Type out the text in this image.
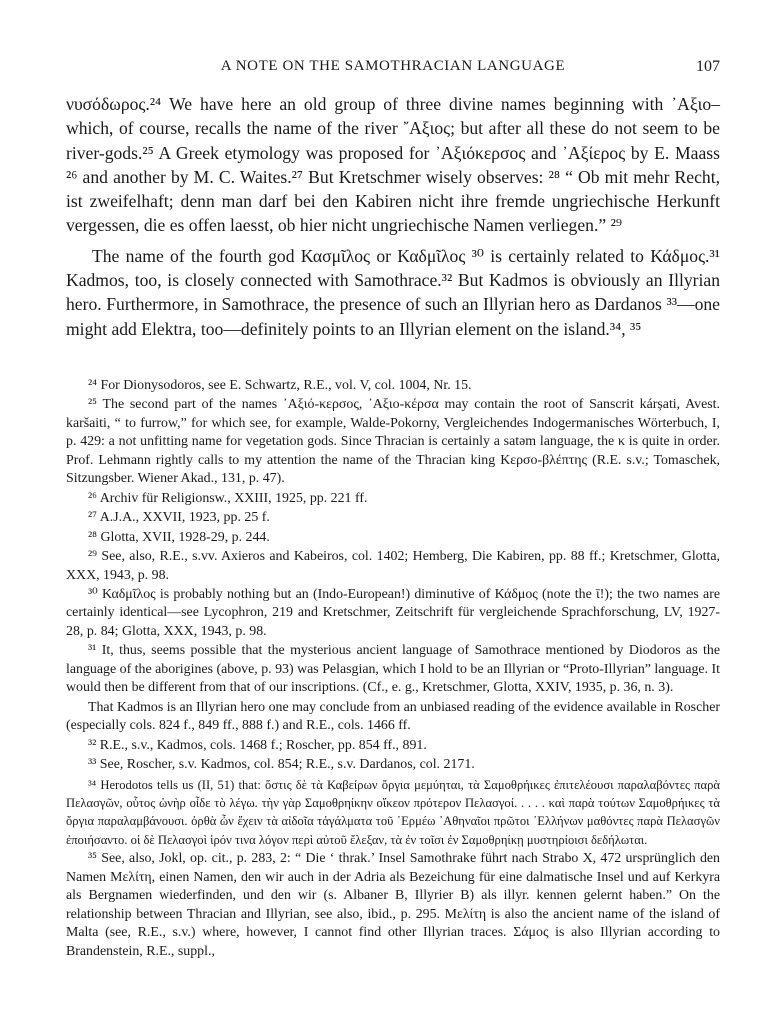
A NOTE ON THE SAMOTHRACIAN LANGUAGE	107

νυσόδωρος.²⁴ We have here an old group of three divine names beginning with ᾽Αξιο– which, of course, recalls the name of the river ῎Αξιος; but after all these do not seem to be river-gods.²⁵ A Greek etymology was proposed for ᾽Αξιόκερσος and ᾽Αξίερος by E. Maass ²⁶ and another by M. C. Waites.²⁷ But Kretschmer wisely observes: ²⁸ “ Ob mit mehr Recht, ist zweifelhaft; denn man darf bei den Kabiren nicht ihre fremde ungriechische Herkunft vergessen, die es offen laesst, ob hier nicht ungriechische Namen verliegen.” ²⁹

The name of the fourth god Κασμῖλος or Καδμῖλος ³⁰ is certainly related to Κάδμος.³¹ Kadmos, too, is closely connected with Samothrace.³² But Kadmos is obviously an Illyrian hero. Furthermore, in Samothrace, the presence of such an Illyrian hero as Dardanos ³³—one might add Elektra, too—definitely points to an Illyrian element on the island.³⁴, ³⁵

²⁴ For Dionysodoros, see E. Schwartz, R.E., vol. V, col. 1004, Nr. 15.

²⁵ The second part of the names ᾽Αξιό-κερσος, ᾽Αξιο-κέρσα may contain the root of Sanscrit kárșati, Avest. karšaiti, “ to furrow,” for which see, for example, Walde-Pokorny, Vergleichendes Indogermanisches Wörterbuch, I, p. 429: a not unfitting name for vegetation gods. Since Thracian is certainly a satəm language, the κ is quite in order. Prof. Lehmann rightly calls to my attention the name of the Thracian king Κερσο-βλέπτης (R.E. s.v.; Tomaschek, Sitzungsber. Wiener Akad., 131, p. 47).

²⁶ Archiv für Religionsw., XXIII, 1925, pp. 221 ff.

²⁷ A.J.A., XXVII, 1923, pp. 25 f.

²⁸ Glotta, XVII, 1928-29, p. 244.

²⁹ See, also, R.E., s.vv. Axieros and Kabeiros, col. 1402; Hemberg, Die Kabiren, pp. 88 ff.; Kretschmer, Glotta, XXX, 1943, p. 98.

³⁰ Καδμῖλος is probably nothing but an (Indo-European!) diminutive of Κάδμος (note the ῑ!); the two names are certainly identical—see Lycophron, 219 and Kretschmer, Zeitschrift für vergleichende Sprachforschung, LV, 1927-28, p. 84; Glotta, XXX, 1943, p. 98.

³¹ It, thus, seems possible that the mysterious ancient language of Samothrace mentioned by Diodoros as the language of the aborigines (above, p. 93) was Pelasgian, which I hold to be an Illyrian or “Proto-Illyrian” language. It would then be different from that of our inscriptions. (Cf., e. g., Kretschmer, Glotta, XXIV, 1935, p. 36, n. 3).

That Kadmos is an Illyrian hero one may conclude from an unbiased reading of the evidence available in Roscher (especially cols. 824 f., 849 ff., 888 f.) and R.E., cols. 1466 ff.

³² R.E., s.v., Kadmos, cols. 1468 f.; Roscher, pp. 854 ff., 891.

³³ See, Roscher, s.v. Kadmos, col. 854; R.E., s.v. Dardanos, col. 2171.

³⁴ Herodotos tells us (II, 51) that: ὅστις δὲ τὰ Καβείρων ὄργια μεμύηται, τὰ Σαμοθρήικες ἐπιτελέουσι παραλαβόντες παρὰ Πελασγῶν, οὗτος ὡνὴρ οἶδε τὸ λέγω. τὴν γὰρ Σαμοθρηίκην οἴκεον πρότερον Πελασγοί. . . . . καὶ παρὰ τούτων Σαμοθρήικες τὰ ὄργια παραλαμβάνουσι. ὀρθὰ ὦν ἔχειν τὰ αἰδοῖα τἀγάλματα τοῦ ῾Ερμέω ᾽Αθηναῖοι πρῶτοι ῾Ελλήνων μαθόντες παρὰ Πελασγῶν ἐποιήσαντο. οἱ δὲ Πελασγοὶ ἱρόν τινα λόγον περὶ αὐτοῦ ἔλεξαν, τὰ ἐν τοῖσι ἐν Σαμοθρηίκῃ μυστηρίοισι δεδήλωται.

³⁵ See, also, Jokl, op. cit., p. 283, 2: “ Die ‘ thrak.’ Insel Samothrake führt nach Strabo X, 472 ursprünglich den Namen Μελίτη, einen Namen, den wir auch in der Adria als Bezeichung für eine dalmatische Insel und auf Kerkyra als Bergnamen wiederfinden, und den wir (s. Albaner B, Illyrier B) als illyr. kennen gelernt haben.” On the relationship between Thracian and Illyrian, see also, ibid., p. 295. Μελίτη is also the ancient name of the island of Malta (see, R.E., s.v.) where, however, I cannot find other Illyrian traces. Σάμος is also Illyrian according to Brandenstein, R.E., suppl.,
